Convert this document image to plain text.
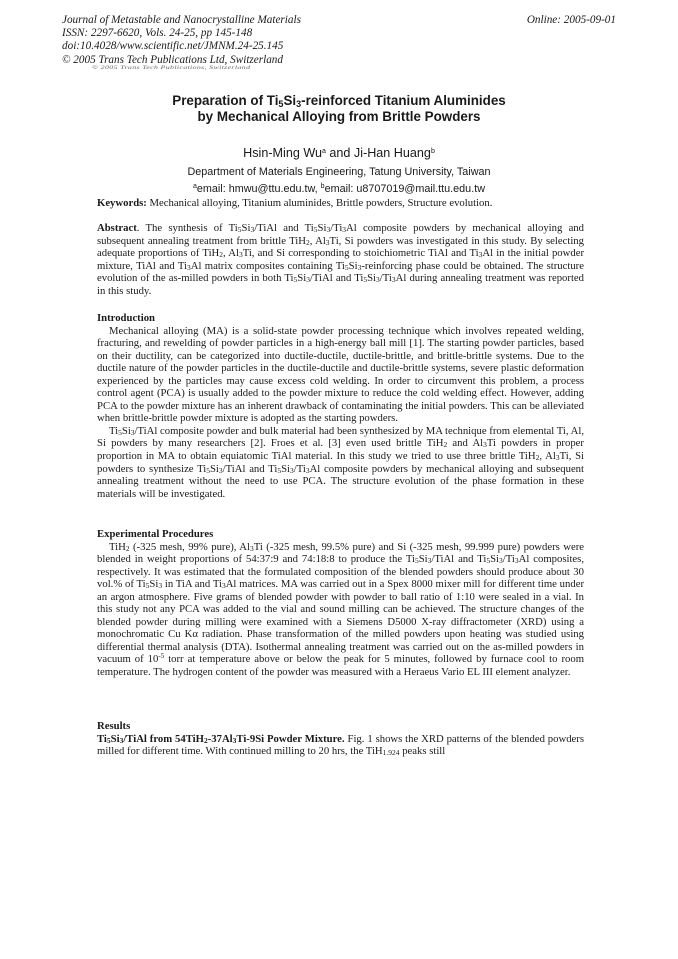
Journal of Metastable and Nanocrystalline Materials
ISSN: 2297-6620, Vols. 24-25, pp 145-148
doi:10.4028/www.scientific.net/JMNM.24-25.145
© 2005 Trans Tech Publications Ltd, Switzerland
Online: 2005-09-01
© 2005 Trans Tech Publications, Switzerland
Preparation of $Ti_5Si_3$-reinforced Titanium Aluminides
by Mechanical Alloying from Brittle Powders
Hsin-Ming Wu$^a$ and Ji-Han Huang$^b$
Department of Materials Engineering, Tatung University, Taiwan
$^a$email: hmwu@ttu.edu.tw, $^b$email: u8707019@mail.ttu.edu.tw
Keywords: Mechanical alloying, Titanium aluminides, Brittle powders, Structure evolution.

Abstract. The synthesis of $Ti_5Si_3$/TiAl and $Ti_5Si_3/Ti_3Al$ composite powders by mechanical alloying and subsequent annealing treatment from brittle TiH$_2$, $Al_3Ti$, Si powders was investigated in this study. By selecting adequate proportions of TiH$_2$, $Al_3Ti$, and Si corresponding to stoichiometric TiAl and $Ti_3Al$ in the initial powder mixture, TiAl and $Ti_3Al$ matrix composites containing $Ti_5Si_3$-reinforcing phase could be obtained. The structure evolution of the as-milled powders in both $Ti_5Si_3$/TiAl and $Ti_5Si_3/Ti_3Al$ during annealing treatment was reported in this study.

Introduction

Mechanical alloying (MA) is a solid-state powder processing technique which involves repeated welding, fracturing, and rewelding of powder particles in a high-energy ball mill [1]. The starting powder particles, based on their ductility, can be categorized into ductile-ductile, ductile-brittle, and brittle-brittle systems. Due to the ductile nature of the powder particles in the ductile-ductile and ductile-brittle systems, severe plastic deformation experienced by the particles may cause excess cold welding. In order to circumvent this problem, a process control agent (PCA) is usually added to the powder mixture to reduce the cold welding effect. However, adding PCA to the powder mixture has an inherent drawback of contaminating the initial powders. This can be alleviated when brittle-brittle powder mixture is adopted as the starting powders.

$Ti_5Si_3$/TiAl composite powder and bulk material had been synthesized by MA technique from elemental Ti, Al, Si powders by many researchers [2]. Froes et al. [3] even used brittle TiH$_2$ and $Al_3Ti$ powders in proper proportion in MA to obtain equiatomic TiAl material. In this study we tried to use three brittle TiH$_2$, $Al_3Ti$, Si powders to synthesize $Ti_5Si_3$/TiAl and $Ti_5Si_3/Ti_3Al$ composite powders by mechanical alloying and subsequent annealing treatment without the need to use PCA. The structure evolution of the phase formation in these materials will be investigated.

Experimental Procedures

TiH$_2$ (-325 mesh, 99% pure), $Al_3Ti$ (-325 mesh, 99.5% pure) and Si (-325 mesh, 99.999 pure) powders were blended in weight proportions of 54:37:9 and 74:18:8 to produce the $Ti_5Si_3$/TiAl and $Ti_5Si_3/Ti_3Al$ composites, respectively. It was estimated that the formulated composition of the blended powders should produce about 30 vol.% of $Ti_5Si_3$ in TiA and $Ti_3Al$ matrices. MA was carried out in a Spex 8000 mixer mill for different time under an argon atmosphere. Five grams of blended powder with powder to ball ratio of 1:10 were sealed in a vial. In this study not any PCA was added to the vial and sound milling can be achieved. The structure changes of the blended powder during milling were examined with a Siemens D5000 X-ray diffractometer (XRD) using a monochromatic Cu Kα radiation. Phase transformation of the milled powders upon heating was studied using differential thermal analysis (DTA). Isothermal annealing treatment was carried out on the as-milled powders in vacuum of $10^{-5}$ torr at temperature above or below the peak for 5 minutes, followed by furnace cool to room temperature. The hydrogen content of the powder was measured with a Heraeus Vario EL III element analyzer.

Results

$Ti_5Si_3$/TiAl from $54TiH_2-37Al_3Ti-9Si$ Powder Mixture. Fig. 1 shows the XRD patterns of the blended powders milled for different time. With continued milling to 20 hrs, the TiH$_{1.924}$ peaks still
